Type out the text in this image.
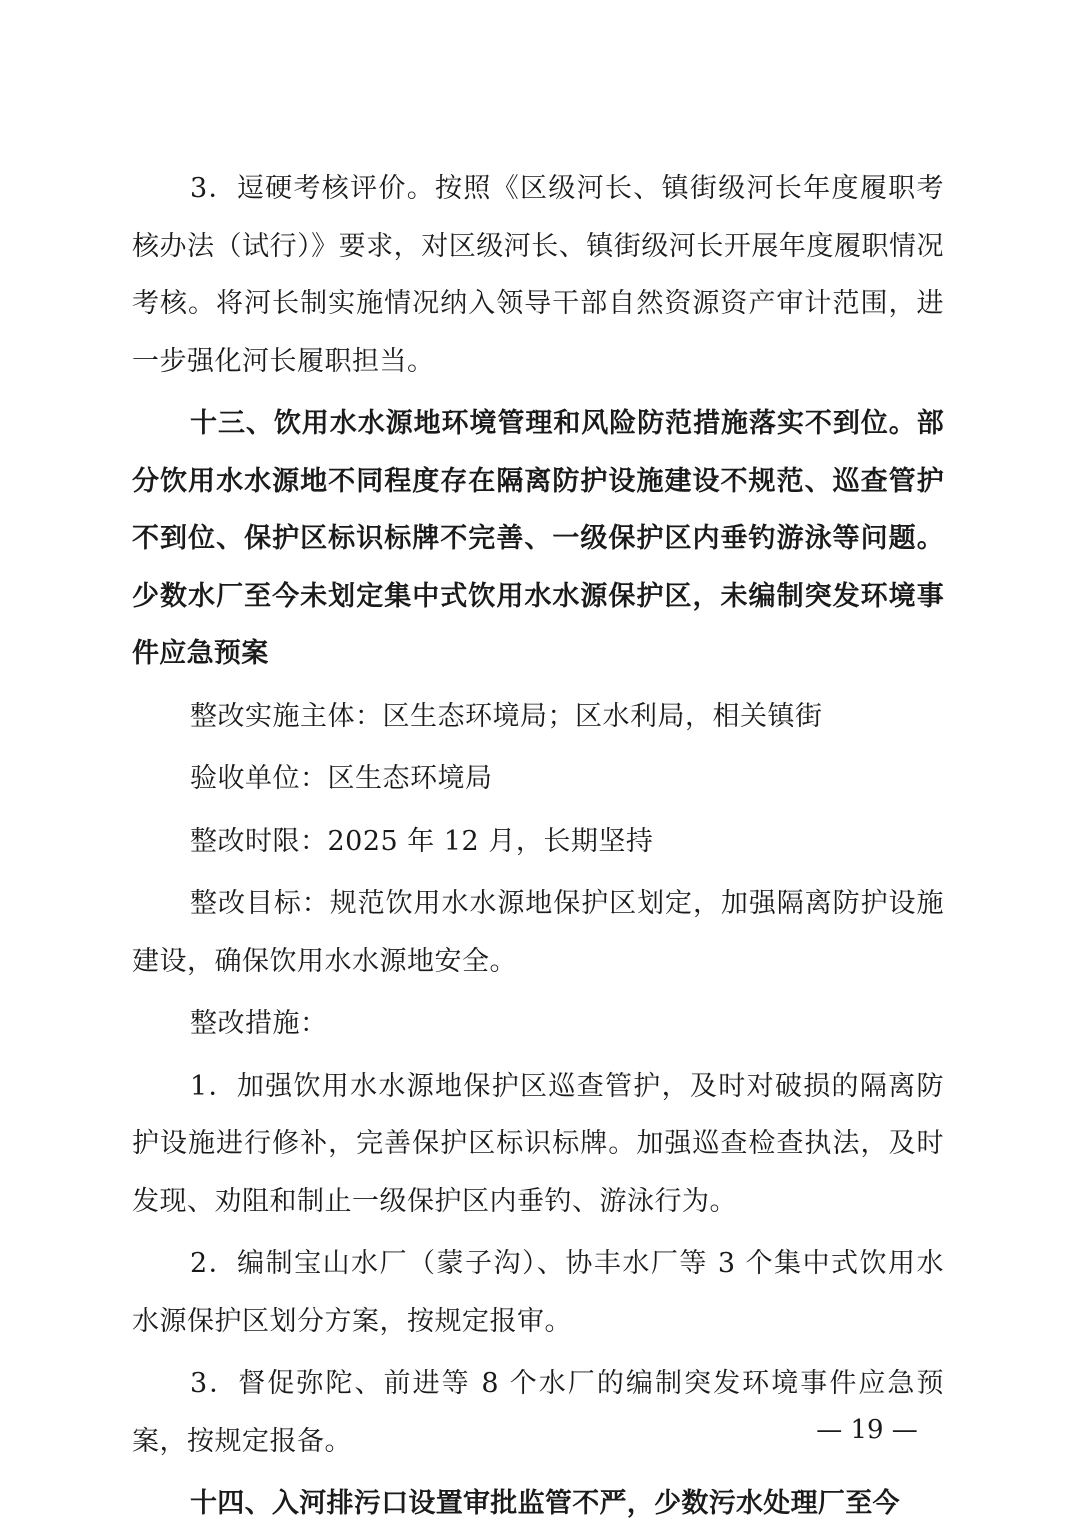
3．逗硬考核评价。按照《区级河长、镇街级河长年度履职考核办法（试行）》要求，对区级河长、镇街级河长开展年度履职情况考核。将河长制实施情况纳入领导干部自然资源资产审计范围，进一步强化河长履职担当。

十三、饮用水水源地环境管理和风险防范措施落实不到位。部分饮用水水源地不同程度存在隔离防护设施建设不规范、巡查管护不到位、保护区标识标牌不完善、一级保护区内垂钓游泳等问题。少数水厂至今未划定集中式饮用水水源保护区，未编制突发环境事件应急预案

整改实施主体：区生态环境局；区水利局，相关镇街

验收单位：区生态环境局

整改时限：2025 年 12 月，长期坚持

整改目标：规范饮用水水源地保护区划定，加强隔离防护设施建设，确保饮用水水源地安全。

整改措施：

1．加强饮用水水源地保护区巡查管护，及时对破损的隔离防护设施进行修补，完善保护区标识标牌。加强巡查检查执法，及时发现、劝阻和制止一级保护区内垂钓、游泳行为。

2．编制宝山水厂（蒙子沟）、协丰水厂等 3 个集中式饮用水水源保护区划分方案，按规定报审。

3．督促弥陀、前进等 8 个水厂的编制突发环境事件应急预案，按规定报备。

十四、入河排污口设置审批监管不严，少数污水处理厂至今

— 19 —
